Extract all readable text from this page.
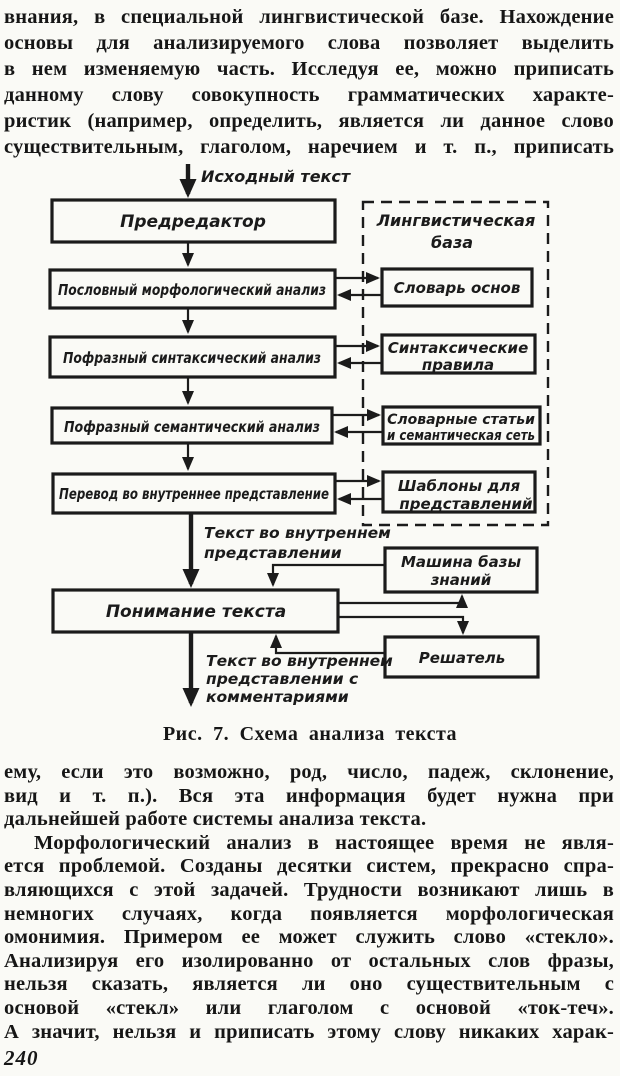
внания, в специальной лингвистической базе. Нахождение
основы для анализируемого слова позволяет выделить
в нем изменяемую часть. Исследуя ее, можно приписать
данному слову совокупность грамматических характе-
ристик (например, определить, является ли данное слово
существительным, глаголом, наречием и т. п., приписать
Исходный текст
Лингвистическая
база
Предредактор
Пословный морфологический анализ
Пофразный синтаксический анализ
Пофразный семантический анализ
Перевод во внутреннее представление
Словарь основ
Синтаксические
правила
Словарные статьи
и семантическая сеть
Шаблоны для
представлений
Текст во внутреннем
представлении
Понимание текста
Машина базы
знаний
Решатель
Текст во внутреннем
представлении с
комментариями
Рис. 7. Схема анализа текста
ему, если это возможно, род, число, падеж, склонение,
вид и т. п.). Вся эта информация будет нужна при
дальнейшей работе системы анализа текста.
Морфологический анализ в настоящее время не явля-
ется проблемой. Созданы десятки систем, прекрасно спра-
вляющихся с этой задачей. Трудности возникают лишь в
немногих случаях, когда появляется морфологическая
омонимия. Примером ее может служить слово «стекло».
Анализируя его изолированно от остальных слов фразы,
нельзя сказать, является ли оно существительным с
основой «стекл» или глаголом с основой «ток-теч».
А значит, нельзя и приписать этому слову никаких харак-
240
